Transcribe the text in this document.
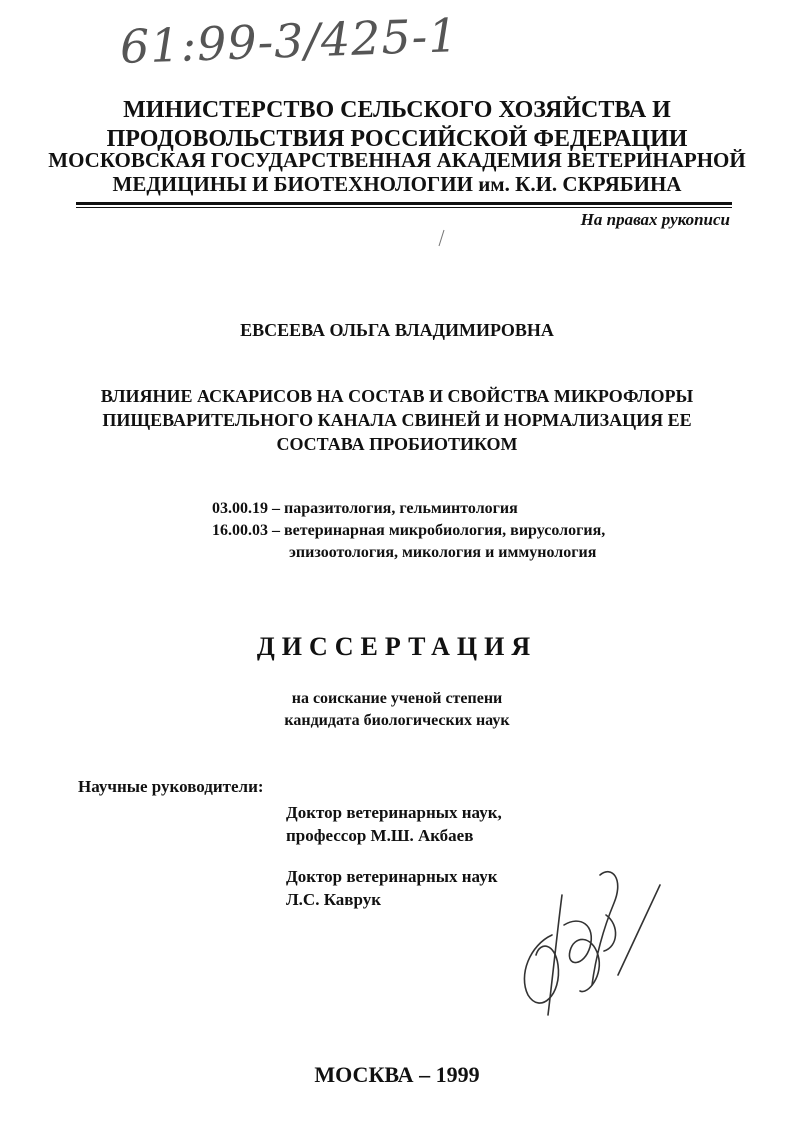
61:99-3/425-1
МИНИСТЕРСТВО СЕЛЬСКОГО ХОЗЯЙСТВА И
ПРОДОВОЛЬСТВИЯ РОССИЙСКОЙ ФЕДЕРАЦИИ
МОСКОВСКАЯ ГОСУДАРСТВЕННАЯ АКАДЕМИЯ ВЕТЕРИНАРНОЙ
МЕДИЦИНЫ И БИОТЕХНОЛОГИИ им. К.И. СКРЯБИНА
На правах рукописи
ЕВСЕЕВА ОЛЬГА ВЛАДИМИРОВНА
ВЛИЯНИЕ АСКАРИСОВ НА СОСТАВ И СВОЙСТВА МИКРОФЛОРЫ
ПИЩЕВАРИТЕЛЬНОГО КАНАЛА СВИНЕЙ И НОРМАЛИЗАЦИЯ ЕЕ
СОСТАВА ПРОБИОТИКОМ
03.00.19 – паразитология, гельминтология
16.00.03 – ветеринарная микробиология, вирусология,
эпизоотология, микология и иммунология
ДИССЕРТАЦИЯ
на соискание ученой степени
кандидата биологических наук
Научные руководители:
Доктор ветеринарных наук,
профессор М.Ш. Акбаев
Доктор ветеринарных наук
Л.С. Каврук
МОСКВА – 1999
